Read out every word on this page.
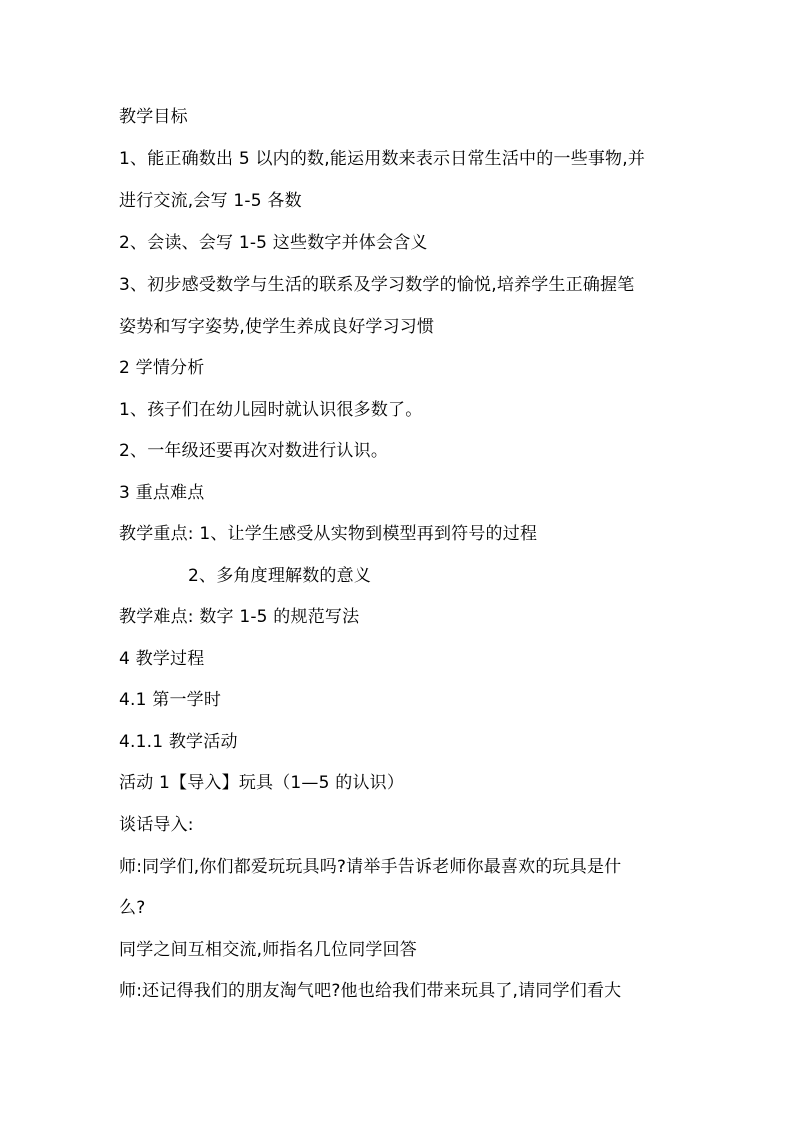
教学目标
1、能正确数出 5 以内的数,能运用数来表示日常生活中的一些事物,并
进行交流,会写 1-5 各数
2、会读、会写 1-5 这些数字并体会含义
3、初步感受数学与生活的联系及学习数学的愉悦,培养学生正确握笔
姿势和写字姿势,使学生养成良好学习习惯
2 学情分析
1、孩子们在幼儿园时就认识很多数了。
2、一年级还要再次对数进行认识。
3 重点难点
教学重点: 1、让学生感受从实物到模型再到符号的过程
2、多角度理解数的意义
教学难点: 数字 1-5 的规范写法
4 教学过程
4.1 第一学时
4.1.1 教学活动
活动 1【导入】玩具（1—5 的认识）
谈话导入:
师:同学们,你们都爱玩玩具吗?请举手告诉老师你最喜欢的玩具是什
么?
同学之间互相交流,师指名几位同学回答
师:还记得我们的朋友淘气吧?他也给我们带来玩具了,请同学们看大
